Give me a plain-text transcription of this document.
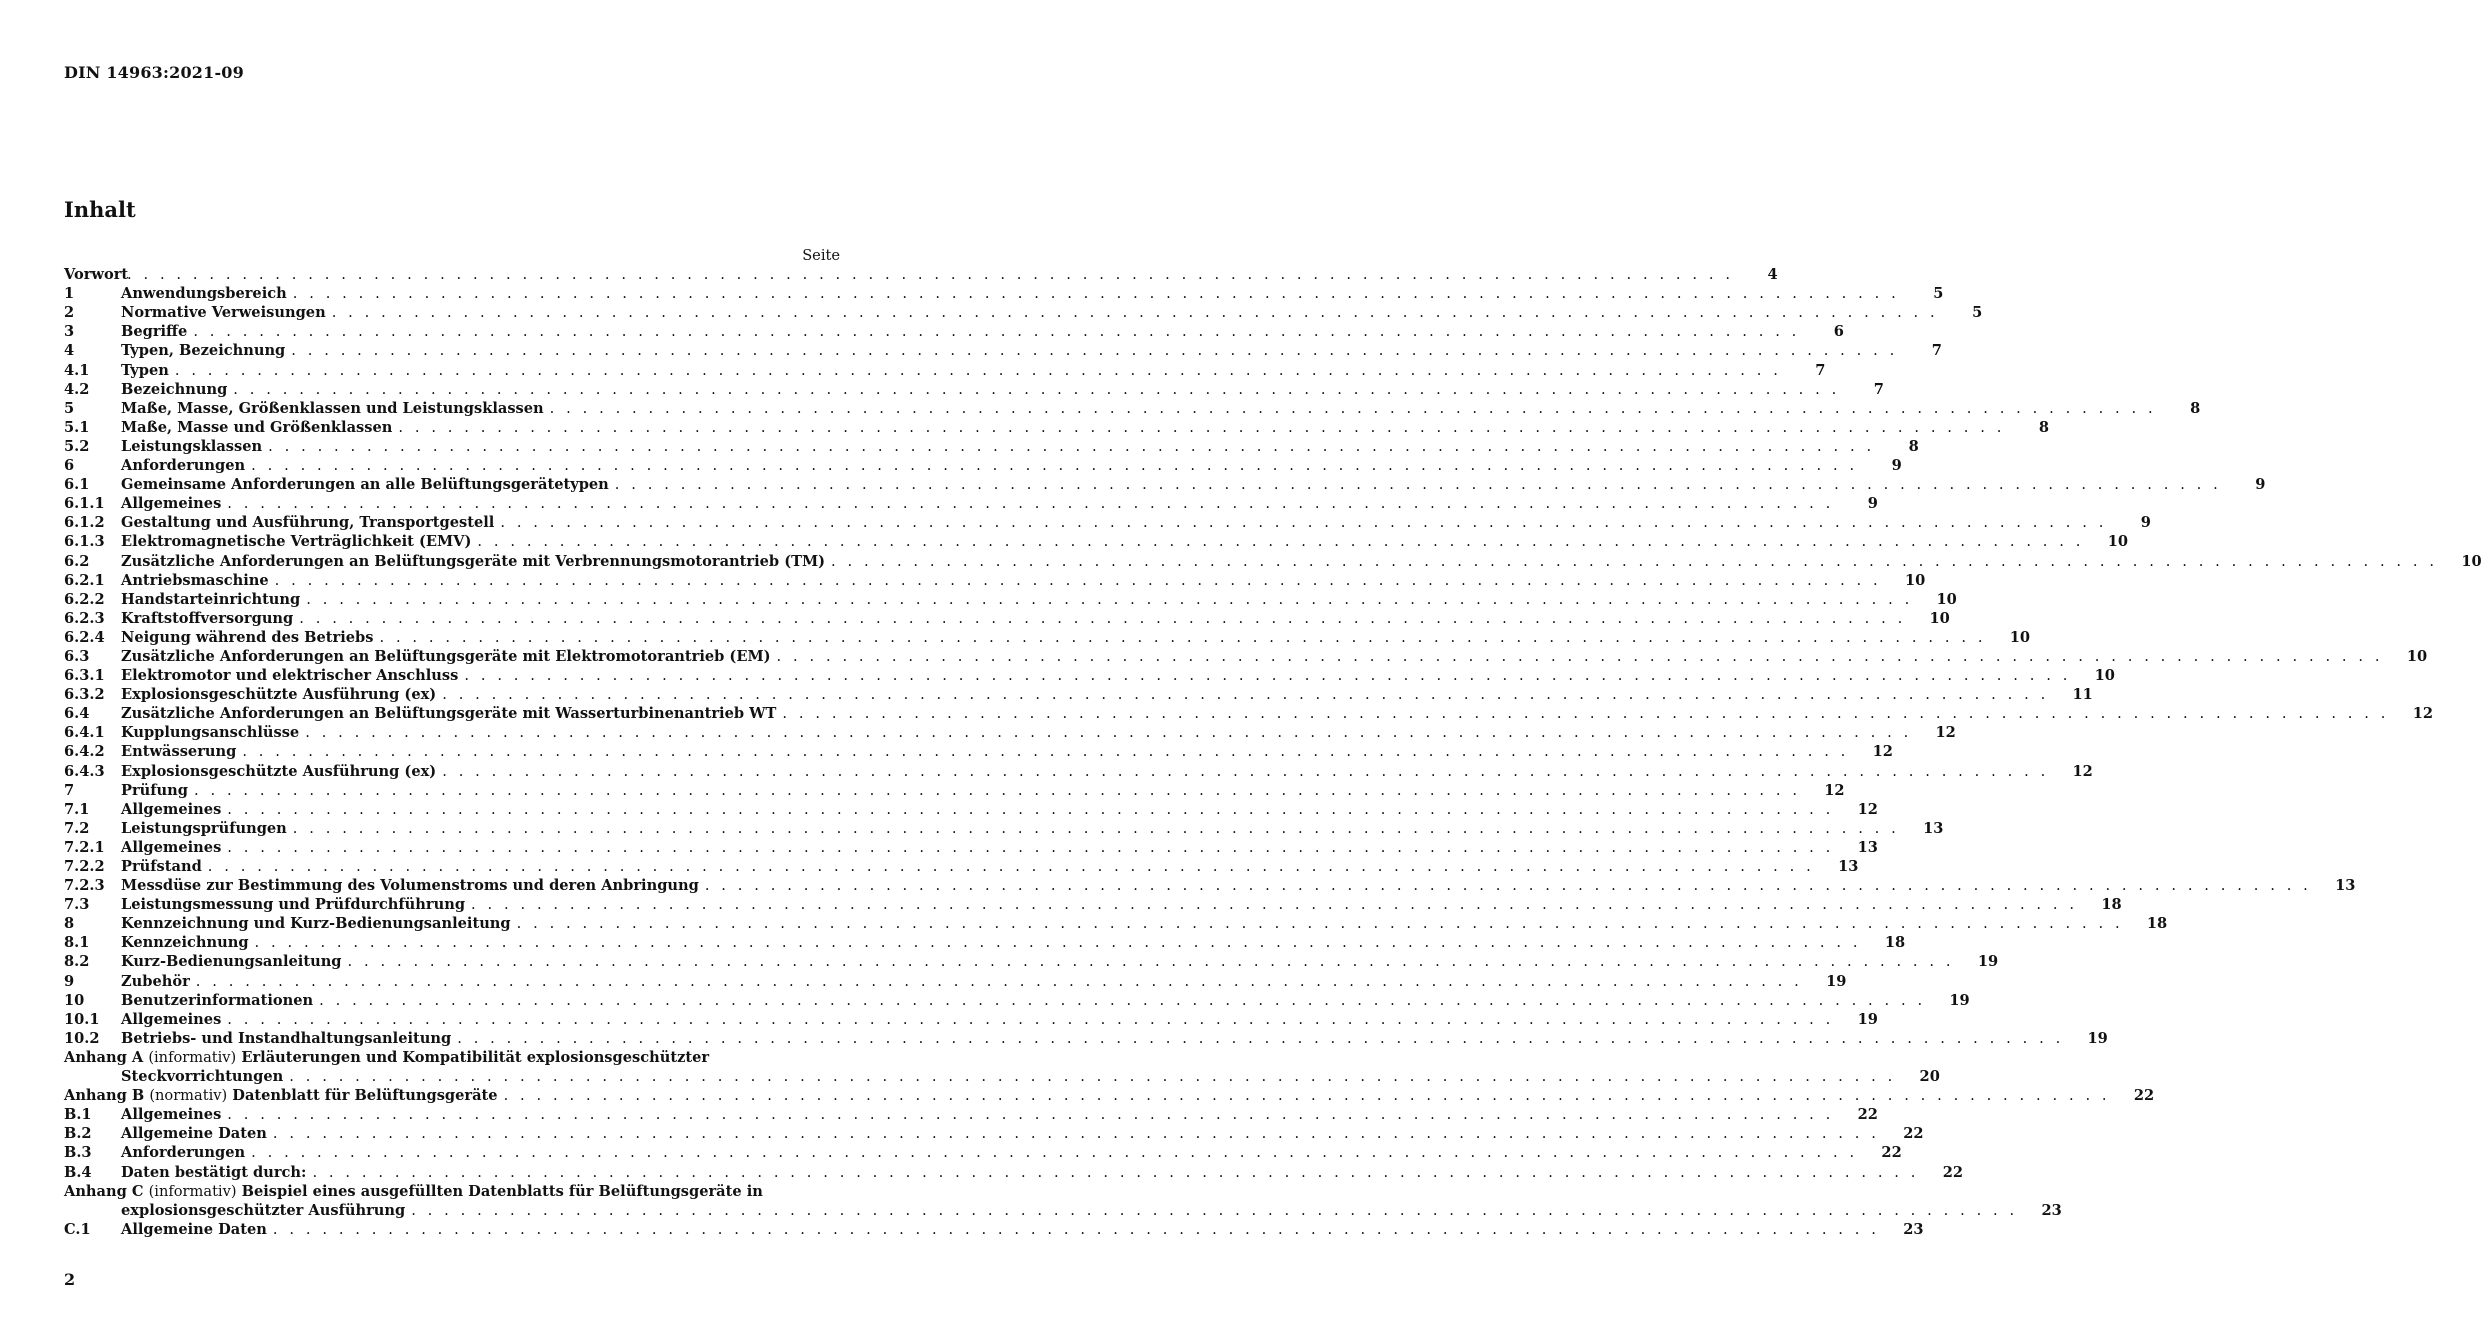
DIN 14963:2021-09
Inhalt
Seite
Vorwort . . .	4
1	Anwendungsbereich . . .	5
2	Normative Verweisungen . . .	5
3	Begriffe . . .	6
4	Typen, Bezeichnung . . .	7
4.1	Typen . . .	7
4.2	Bezeichnung . . .	7
5	Maße, Masse, Größenklassen und Leistungsklassen . . .	8
5.1	Maße, Masse und Größenklassen . . .	8
5.2	Leistungsklassen . . .	8
6	Anforderungen . . .	9
6.1	Gemeinsame Anforderungen an alle Belüftungsgerätetypen . . .	9
6.1.1	Allgemeines . . .	9
6.1.2	Gestaltung und Ausführung, Transportgestell . . .	9
6.1.3	Elektromagnetische Verträglichkeit (EMV) . . .	10
6.2	Zusätzliche Anforderungen an Belüftungsgeräte mit Verbrennungsmotorantrieb (TM) . . .	10
6.2.1	Antriebsmaschine . . .	10
6.2.2	Handstarteinrichtung . . .	10
6.2.3	Kraftstoffversorgung . . .	10
6.2.4	Neigung während des Betriebs . . .	10
6.3	Zusätzliche Anforderungen an Belüftungsgeräte mit Elektromotorantrieb (EM) . . .	10
6.3.1	Elektromotor und elektrischer Anschluss . . .	10
6.3.2	Explosionsgeschützte Ausführung (ex) . . .	11
6.4	Zusätzliche Anforderungen an Belüftungsgeräte mit Wasserturbinenantrieb WT . . .	12
6.4.1	Kupplungsanschlüsse . . .	12
6.4.2	Entwässerung . . .	12
6.4.3	Explosionsgeschützte Ausführung (ex) . . .	12
7	Prüfung . . .	12
7.1	Allgemeines . . .	12
7.2	Leistungsprüfungen . . .	13
7.2.1	Allgemeines . . .	13
7.2.2	Prüfstand . . .	13
7.2.3	Messdüse zur Bestimmung des Volumenstroms und deren Anbringung . . .	13
7.3	Leistungsmessung und Prüfdurchführung . . .	18
8	Kennzeichnung und Kurz-Bedienungsanleitung . . .	18
8.1	Kennzeichnung . . .	18
8.2	Kurz-Bedienungsanleitung . . .	19
9	Zubehör . . .	19
10	Benutzerinformationen . . .	19
10.1	Allgemeines . . .	19
10.2	Betriebs- und Instandhaltungsanleitung . . .	19
Anhang A (informativ) Erläuterungen und Kompatibilität explosionsgeschützter
Steckvorrichtungen . . .	20
Anhang B (normativ) Datenblatt für Belüftungsgeräte . . .	22
B.1	Allgemeines . . .	22
B.2	Allgemeine Daten . . .	22
B.3	Anforderungen . . .	22
B.4	Daten bestätigt durch: . . .	22
Anhang C (informativ) Beispiel eines ausgefüllten Datenblatts für Belüftungsgeräte in
explosionsgeschützter Ausführung . . .	23
C.1	Allgemeine Daten . . .	23
2
